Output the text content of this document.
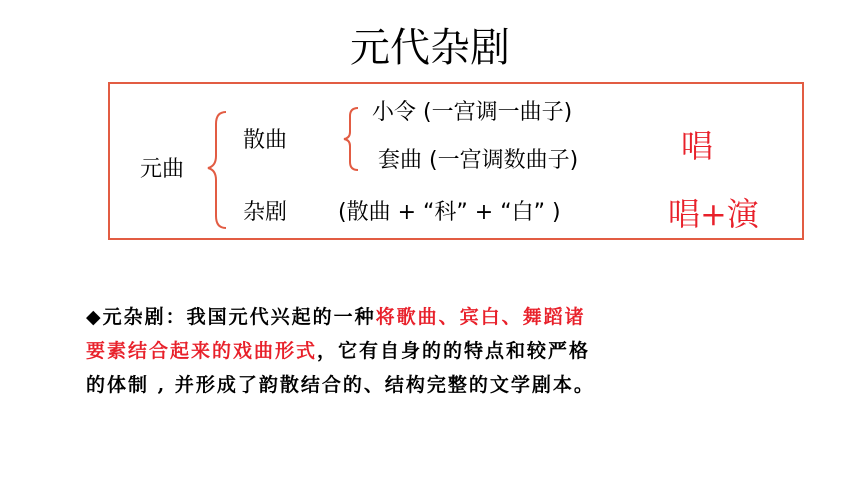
元代杂剧
元曲
散曲
杂剧
小令 (一宫调一曲子)
套曲 (一宫调数曲子)
(散曲 + “科” + “白” )
唱
唱+演
◆元杂剧：我国元代兴起的一种将歌曲、宾白、舞蹈诸
要素结合起来的戏曲形式，它有自身的的特点和较严格
的体制 , 并形成了韵散结合的、结构完整的文学剧本。
